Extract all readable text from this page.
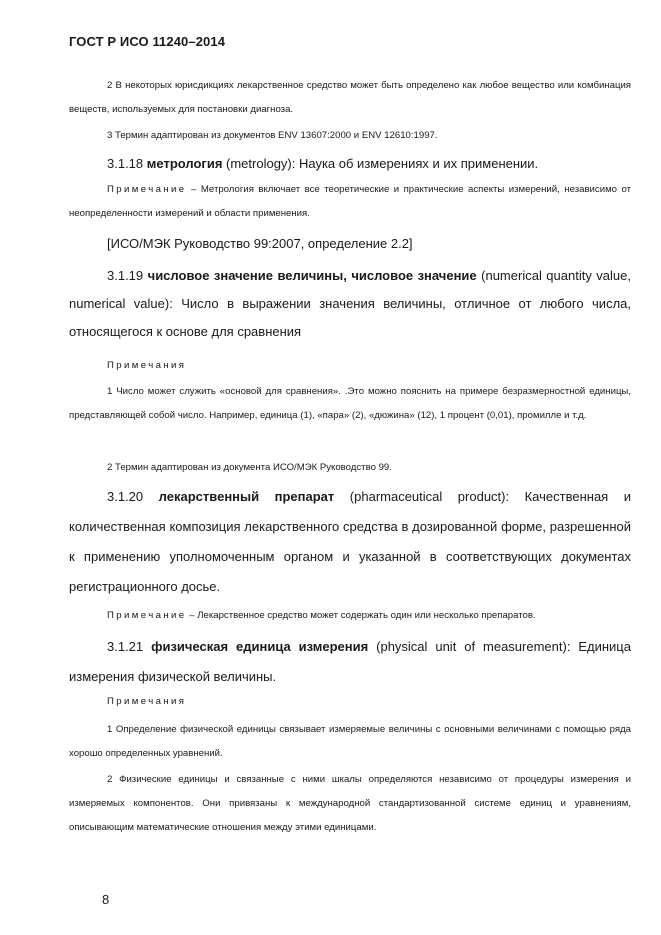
ГОСТ Р ИСО 11240–2014

2 В некоторых юрисдикциях лекарственное средство может быть определено как любое вещество или комбинация веществ, используемых для постановки диагноза.

3 Термин адаптирован из документов ENV 13607:2000 и ENV 12610:1997.

3.1.18 метрология (metrology): Наука об измерениях и их применении.

Примечание – Метрология включает все теоретические и практические аспекты измерений, независимо от неопределенности измерений и области применения.

[ИСО/МЭК Руководство 99:2007, определение 2.2]

3.1.19 числовое значение величины, числовое значение (numerical quantity value, numerical value): Число в выражении значения величины, отличное от любого числа, относящегося к основе для сравнения

Примечания

1 Число может служить «основой для сравнения». .Это можно пояснить на примере безразмерностной единицы, представляющей собой число. Например, единица (1), «пара» (2), «дюжина» (12), 1 процент (0,01), промилле и т.д.

2 Термин адаптирован из документа ИСО/МЭК Руководство 99.

3.1.20 лекарственный препарат (pharmaceutical product): Качественная и количественная композиция лекарственного средства в дозированной форме, разрешенной к применению уполномоченным органом и указанной в соответствующих документах регистрационного досье.

Примечание – Лекарственное средство может содержать один или несколько препаратов.

3.1.21 физическая единица измерения (physical unit of measurement): Единица измерения физической величины.

Примечания

1 Определение физической единицы связывает измеряемые величины с основными величинами с помощью ряда хорошо определенных уравнений.

2 Физические единицы и связанные с ними шкалы определяются независимо от процедуры измерения и измеряемых компонентов. Они привязаны к международной стандартизованной системе единиц и уравнениям, описывающим математические отношения между этими единицами.

8
